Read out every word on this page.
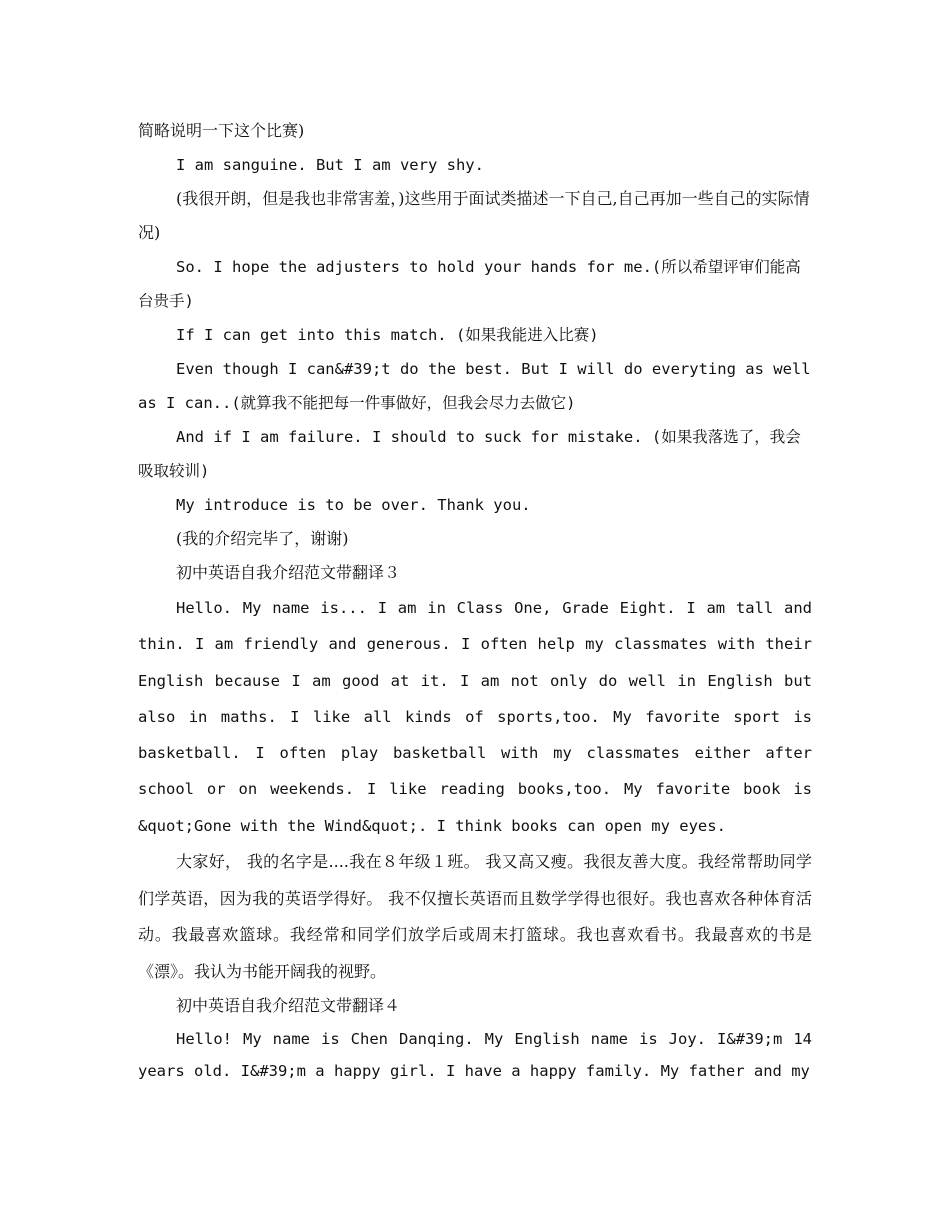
简略说明一下这个比赛)
I am sanguine. But I am very shy.
(我很开朗，但是我也非常害羞，)这些用于面试类描述一下自己,自己再加一些自己的实际情况)
So. I hope the adjusters to hold your hands for me.(所以希望评审们能高台贵手)
If I can get into this match. (如果我能进入比赛)
Even though I can&#39;t do the best. But I will do everyting as well as I can..(就算我不能把每一件事做好，但我会尽力去做它)
And if I am failure. I should to suck for mistake. (如果我落选了，我会吸取较训)
My introduce is to be over. Thank you.
(我的介绍完毕了，谢谢)
初中英语自我介绍范文带翻译３
Hello. My name is... I am in Class One, Grade Eight. I am tall and thin. I am friendly and generous. I often help my classmates with their English because I am good at it. I am not only do well in English but also in maths. I like all kinds of sports,too. My favorite sport is basketball. I often play basketball with my classmates either after school or on weekends. I like reading books,too. My favorite book is &quot;Gone with the Wind&quot;. I think books can open my eyes.
大家好， 我的名字是....我在８年级１班。 我又高又瘦。我很友善大度。我经常帮助同学们学英语，因为我的英语学得好。 我不仅擅长英语而且数学学得也很好。我也喜欢各种体育活动。我最喜欢篮球。我经常和同学们放学后或周末打篮球。我也喜欢看书。我最喜欢的书是《漂》。我认为书能开阔我的视野。
初中英语自我介绍范文带翻译４
Hello! My name is Chen Danqing. My English name is Joy. I&#39;m 14 years old. I&#39;m a happy girl. I have a happy family. My father and my
